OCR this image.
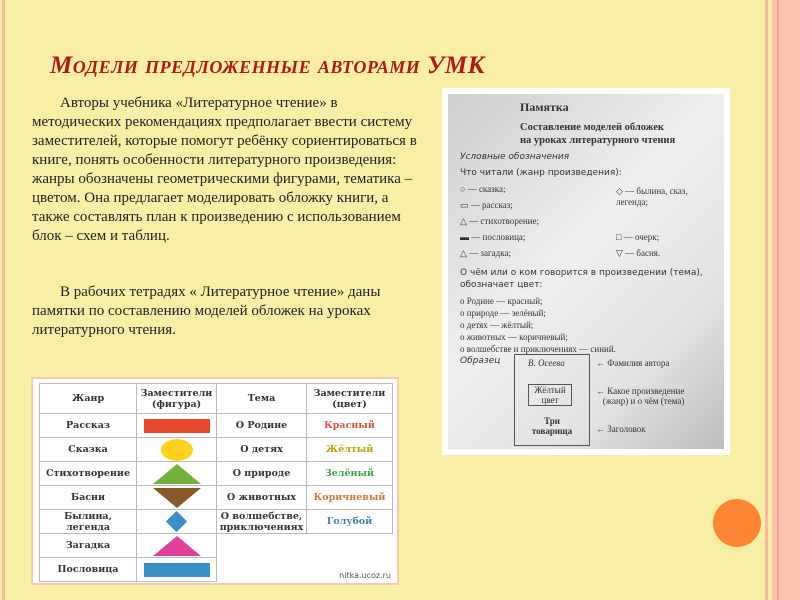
Модели предложенные авторами УМК
Авторы учебника «Литературное чтение» в методических рекомендациях предполагает ввести систему заместителей, которые помогут ребёнку сориентироваться в книге, понять особенности литературного произведения: жанры обозначены геометрическими фигурами, тематика – цветом. Она предлагает моделировать обложку книги, а также составлять план к произведению с использованием блок – схем и таблиц.
В рабочих тетрадях « Литературное чтение» даны памятки по составлению моделей обложек на уроках литературного чтения.
Жанр	Заместители (фигура)	Тема	Заместители (цвет)
Рассказ		О Родине	Красный
Сказка		О детях	Жёлтый
Стихотворение		О природе	Зелёный
Басни		О животных	Коричневый
Былина, легенда		О волшебстве, приключениях	Голубой
Загадка	

Пословица	

nitka.ucoz.ru
Памятка
Составление моделей обложек
на уроках литературного чтения
Условные обозначения
Что читали (жанр произведения):
○ — сказка;
▭ — рассказ;
△ — стихотворение;
▬ — пословица;
△ — загадка;
◇ — былина, сказ, легенда;
□ — очерк;
▽ — басня.
О чём или о ком говорится в произведении (тема),
обозначает цвет:
о Родине — красный;
о природе — зелёный;
о детях — жёлтый;
о животных — коричневый;
о волшебстве и приключениях — синий.
Образец	В. Осеева
Жёлтый цвет
Три товарища
← Фамилия автора
← Какое произведение
(жанр) и о чём (тема)
← Заголовок
